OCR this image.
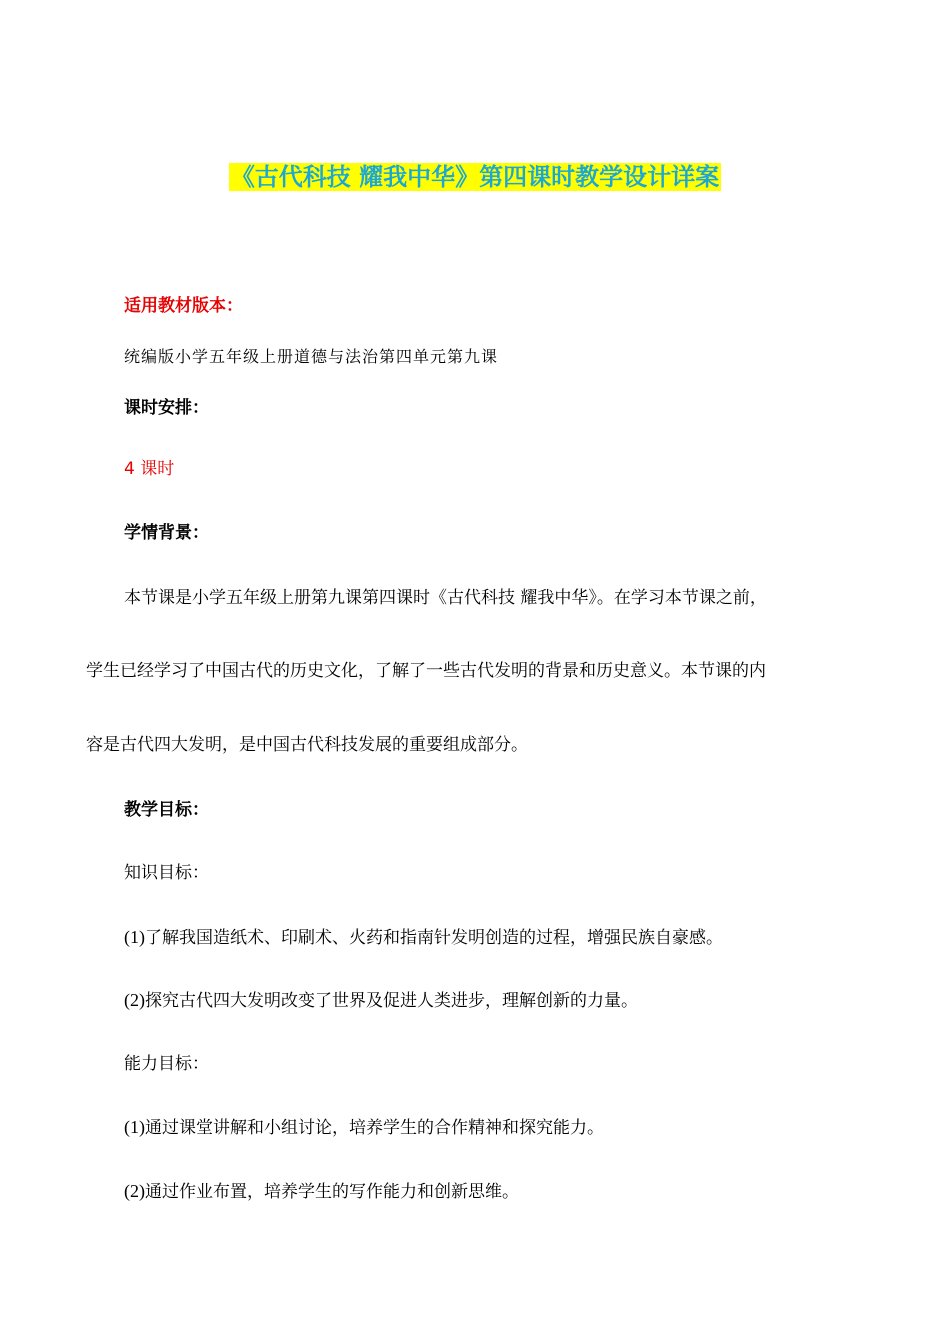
《古代科技 耀我中华》第四课时教学设计详案
适用教材版本：
统编版小学五年级上册道德与法治第四单元第九课
课时安排：
4 课时
学情背景：
本节课是小学五年级上册第九课第四课时《古代科技 耀我中华》。在学习本节课之前，
学生已经学习了中国古代的历史文化，了解了一些古代发明的背景和历史意义。本节课的内
容是古代四大发明，是中国古代科技发展的重要组成部分。
教学目标：
知识目标：
(1)了解我国造纸术、印刷术、火药和指南针发明创造的过程，增强民族自豪感。
(2)探究古代四大发明改变了世界及促进人类进步，理解创新的力量。
能力目标：
(1)通过课堂讲解和小组讨论，培养学生的合作精神和探究能力。
(2)通过作业布置，培养学生的写作能力和创新思维。
